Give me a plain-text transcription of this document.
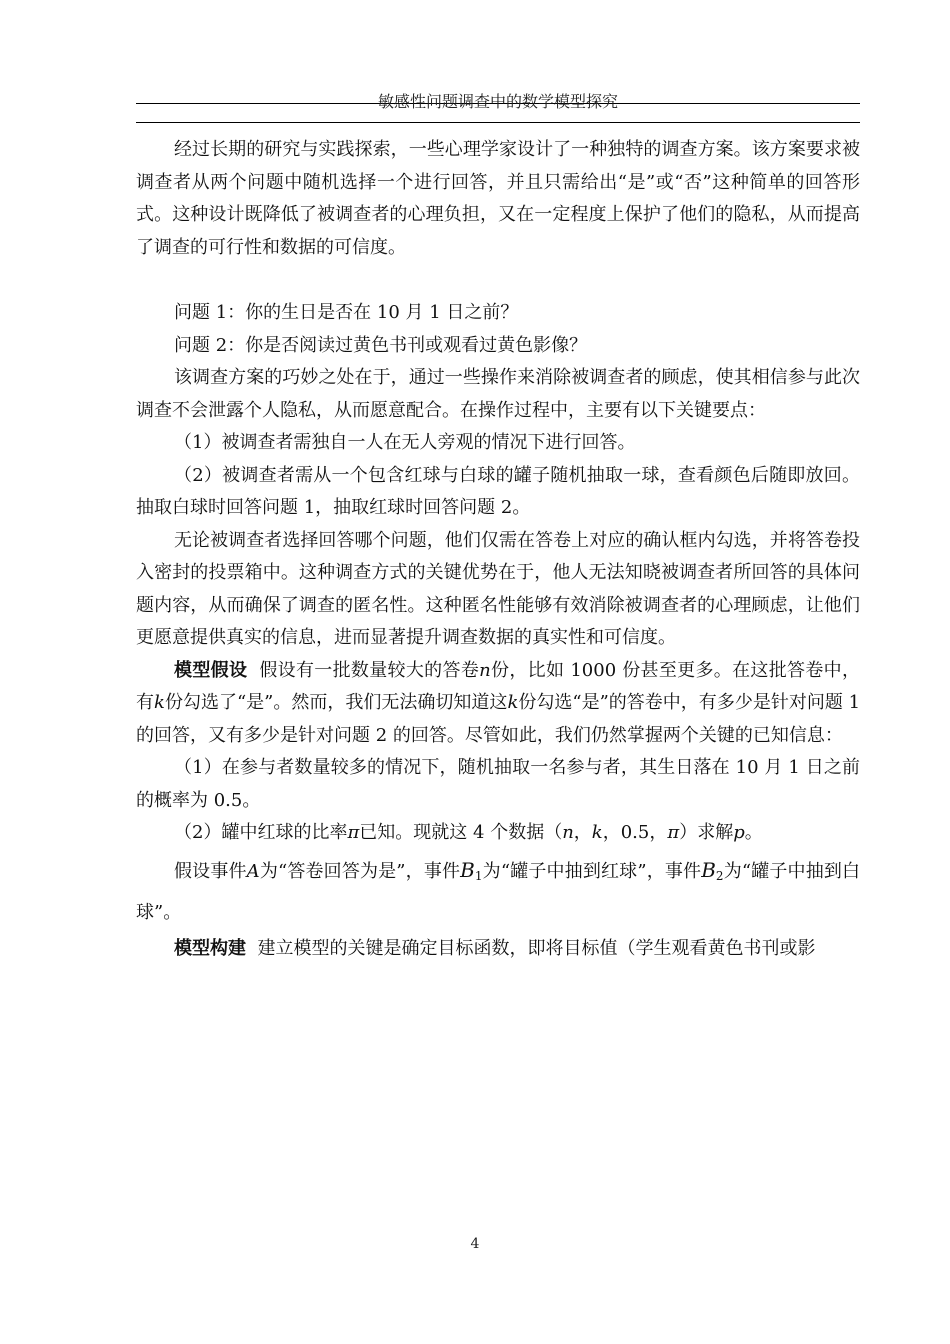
敏感性问题调查中的数学模型探究

经过长期的研究与实践探索，一些心理学家设计了一种独特的调查方案。该方案要求被调查者从两个问题中随机选择一个进行回答，并且只需给出“是”或“否”这种简单的回答形式。这种设计既降低了被调查者的心理负担，又在一定程度上保护了他们的隐私，从而提高了调查的可行性和数据的可信度。

问题 1：你的生日是否在 10 月 1 日之前？

问题 2：你是否阅读过黄色书刊或观看过黄色影像？

该调查方案的巧妙之处在于，通过一些操作来消除被调查者的顾虑，使其相信参与此次调查不会泄露个人隐私，从而愿意配合。在操作过程中，主要有以下关键要点：

（1）被调查者需独自一人在无人旁观的情况下进行回答。

（2）被调查者需从一个包含红球与白球的罐子随机抽取一球，查看颜色后随即放回。抽取白球时回答问题 1，抽取红球时回答问题 2。

无论被调查者选择回答哪个问题，他们仅需在答卷上对应的确认框内勾选，并将答卷投入密封的投票箱中。这种调查方式的关键优势在于，他人无法知晓被调查者所回答的具体问题内容，从而确保了调查的匿名性。这种匿名性能够有效消除被调查者的心理顾虑，让他们更愿意提供真实的信息，进而显著提升调查数据的真实性和可信度。

模型假设 假设有一批数量较大的答卷n份，比如 1000 份甚至更多。在这批答卷中，有k份勾选了“是”。然而，我们无法确切知道这k份勾选“是”的答卷中，有多少是针对问题 1 的回答，又有多少是针对问题 2 的回答。尽管如此，我们仍然掌握两个关键的已知信息：

（1）在参与者数量较多的情况下，随机抽取一名参与者，其生日落在 10 月 1 日之前的概率为 0.5。

（2）罐中红球的比率π已知。现就这 4 个数据（n，k，0.5，π）求解p。

假设事件A为“答卷回答为是”，事件B1为“罐子中抽到红球”，事件B2为“罐子中抽到白球”。

模型构建 建立模型的关键是确定目标函数，即将目标值（学生观看黄色书刊或影

4
